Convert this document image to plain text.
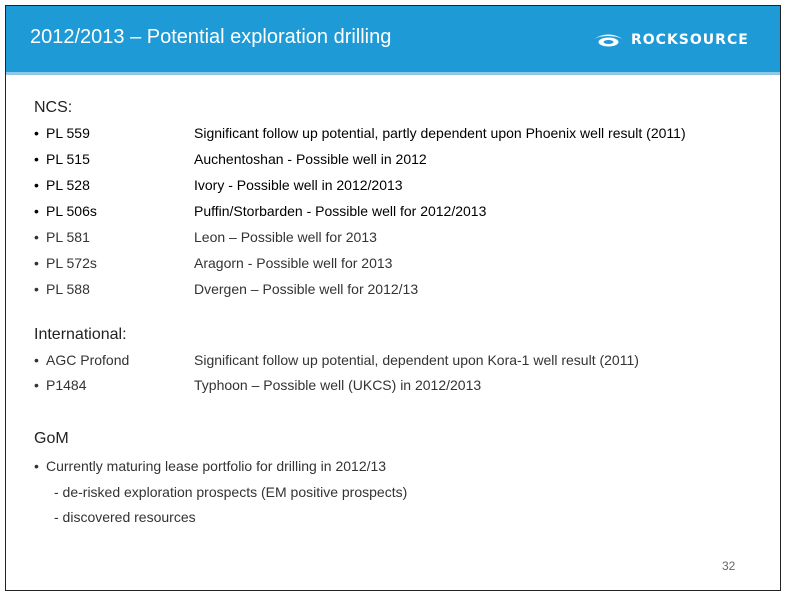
2012/2013 – Potential exploration drilling	ROCKSOURCE
NCS:
• PL 559	Significant follow up potential, partly dependent upon Phoenix well result (2011)
• PL 515	Auchentoshan - Possible well in 2012
• PL 528	Ivory - Possible well in 2012/2013
• PL 506s	Puffin/Storbarden - Possible well for 2012/2013
• PL 581	Leon – Possible well for 2013
• PL 572s	Aragorn - Possible well for 2013
• PL 588	Dvergen – Possible well for 2012/13
International:
• AGC Profond	Significant follow up potential, dependent upon Kora-1 well result (2011)
• P1484	Typhoon – Possible well (UKCS) in 2012/2013
GoM
• Currently maturing lease portfolio for drilling in 2012/13
- de-risked exploration prospects (EM positive prospects)
- discovered resources
32
